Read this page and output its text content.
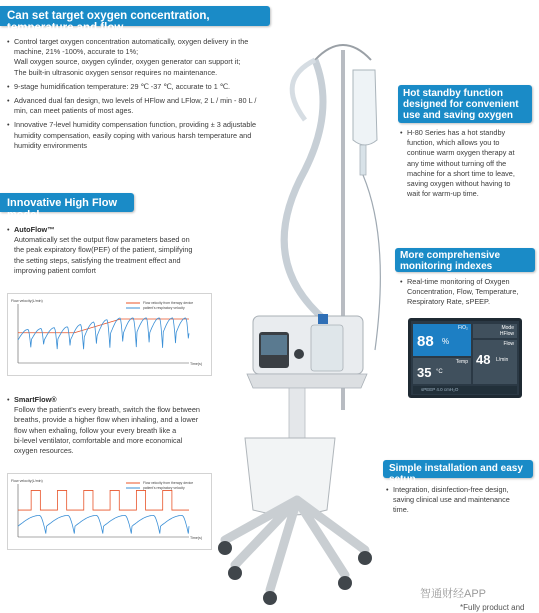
Can set target oxygen concentration, temperature and flow
• Control target oxygen concentration automatically, oxygen delivery in the
machine, 21% -100%, accurate to 1%;
Wall oxygen source, oxygen cylinder, oxygen generator can support it;
The built-in ultrasonic oxygen sensor requires no maintenance.

• 9-stage humidification temperature: 29 ℃ -37 ℃, accurate to 1 ℃.

• Advanced dual fan design, two levels of HFlow and LFlow, 2 L / min - 80 L /
min, can meet patients of most ages.

• Innovative 7-level humidity compensation function, providing ± 3 adjustable
humidity compensation, easily coping with various harsh temperature and
humidity environments

Innovative High Flow model
• AutoFlow™
Automatically set the output flow parameters based on
the peak expiratory flow(PEF) of the patient, simplifying
the setting steps, satisfying the treatment effect and
improving patient comfort

Flow velocity(L/min)
Time(s)
Flow velocity from therapy device
patient's respiratory velocity
• SmartFlow®
Follow the patient's every breath, switch the flow between
breaths, provide a higher flow when inhaling, and a lower
flow when exhaling, follow your every breath like a
bi-level ventilator, comfortable and more economical
oxygen resources.

Flow velocity(L/min)
Time(s)
Flow velocity from therapy device
patient's respiratory velocity
Hot standby function designed for convenient use and saving oxygen
• H-80 Series has a hot standby
function, which allows you to
continue warm oxygen therapy at
any time without turning off the
machine for a short time to leave,
saving oxygen without having to
wait for warm-up time.

More comprehensive monitoring indexes
• Real-time monitoring of Oxygen
Concentration, Flow, Temperature,
Respiratory Rate, sPEEP.

FiO₂
88 %
Mode
HFlow
Flow
48 L/min
Temp
35 °C
sPEEP 4.0 cmH₂O
Simple installation and easy setup
• Integration, disinfection-free design,
saving clinical use and maintenance
time.

智通财经APP
*Fully product and
